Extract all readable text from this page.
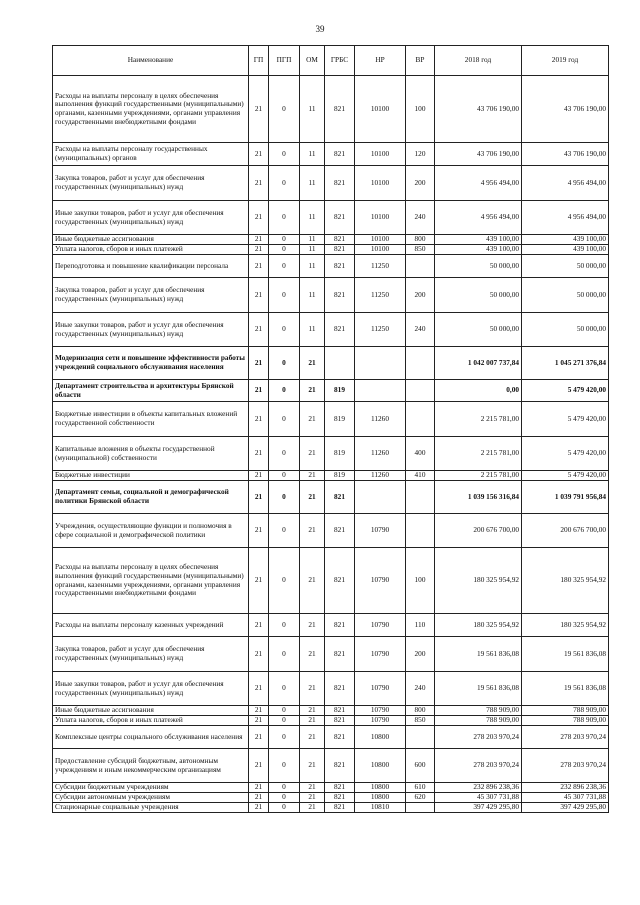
39
Наименование	ГП	ПГП	ОМ	ГРБС	НР	ВР	2018 год	2019 год
Расходы на выплаты персоналу в целях обеспечения выполнения функций государственными (муниципальными) органами, казенными учреждениями, органами управления государственными внебюджетными фондами	21	0	11	821	10100	100	43 706 190,00	43 706 190,00
Расходы на выплаты персоналу государственных (муниципальных) органов	21	0	11	821	10100	120	43 706 190,00	43 706 190,00
Закупка товаров, работ и услуг для обеспечения государственных (муниципальных) нужд	21	0	11	821	10100	200	4 956 494,00	4 956 494,00
Иные закупки товаров, работ и услуг для обеспечения государственных (муниципальных) нужд	21	0	11	821	10100	240	4 956 494,00	4 956 494,00
Иные бюджетные ассигнования	21	0	11	821	10100	800	439 100,00	439 100,00
Уплата налогов, сборов и иных платежей	21	0	11	821	10100	850	439 100,00	439 100,00
Переподготовка и повышение квалификации персонала	21	0	11	821	11250		50 000,00	50 000,00
Закупка товаров, работ и услуг для обеспечения государственных (муниципальных) нужд	21	0	11	821	11250	200	50 000,00	50 000,00
Иные закупки товаров, работ и услуг для обеспечения государственных (муниципальных) нужд	21	0	11	821	11250	240	50 000,00	50 000,00
Модернизация сети и повышение эффективности работы учреждений социального обслуживания населения	21	0	21				1 042 007 737,84	1 045 271 376,84
Департамент строительства и архитектуры Брянской области	21	0	21	819			0,00	5 479 420,00
Бюджетные инвестиции в объекты капитальных вложений государственной собственности	21	0	21	819	11260		2 215 781,00	5 479 420,00
Капитальные вложения в объекты государственной (муниципальной) собственности	21	0	21	819	11260	400	2 215 781,00	5 479 420,00
Бюджетные инвестиции	21	0	21	819	11260	410	2 215 781,00	5 479 420,00
Департамент семьи, социальной и демографической политики Брянской области	21	0	21	821			1 039 156 316,84	1 039 791 956,84
Учреждения, осуществляющие функции и полномочия в сфере социальной и демографической политики	21	0	21	821	10790		200 676 700,00	200 676 700,00
Расходы на выплаты персоналу в целях обеспечения выполнения функций государственными (муниципальными) органами, казенными учреждениями, органами управления государственными внебюджетными фондами	21	0	21	821	10790	100	180 325 954,92	180 325 954,92
Расходы на выплаты персоналу казенных учреждений	21	0	21	821	10790	110	180 325 954,92	180 325 954,92
Закупка товаров, работ и услуг для обеспечения государственных (муниципальных) нужд	21	0	21	821	10790	200	19 561 836,08	19 561 836,08
Иные закупки товаров, работ и услуг для обеспечения государственных (муниципальных) нужд	21	0	21	821	10790	240	19 561 836,08	19 561 836,08
Иные бюджетные ассигнования	21	0	21	821	10790	800	788 909,00	788 909,00
Уплата налогов, сборов и иных платежей	21	0	21	821	10790	850	788 909,00	788 909,00
Комплексные центры социального обслуживания населения	21	0	21	821	10800		278 203 970,24	278 203 970,24
Предоставление субсидий бюджетным, автономным учреждениям и иным некоммерческим организациям	21	0	21	821	10800	600	278 203 970,24	278 203 970,24
Субсидии бюджетным учреждениям	21	0	21	821	10800	610	232 896 238,36	232 896 238,36
Субсидии автономным учреждениям	21	0	21	821	10800	620	45 307 731,88	45 307 731,88
Стационарные социальные учреждения	21	0	21	821	10810		397 429 295,80	397 429 295,80
